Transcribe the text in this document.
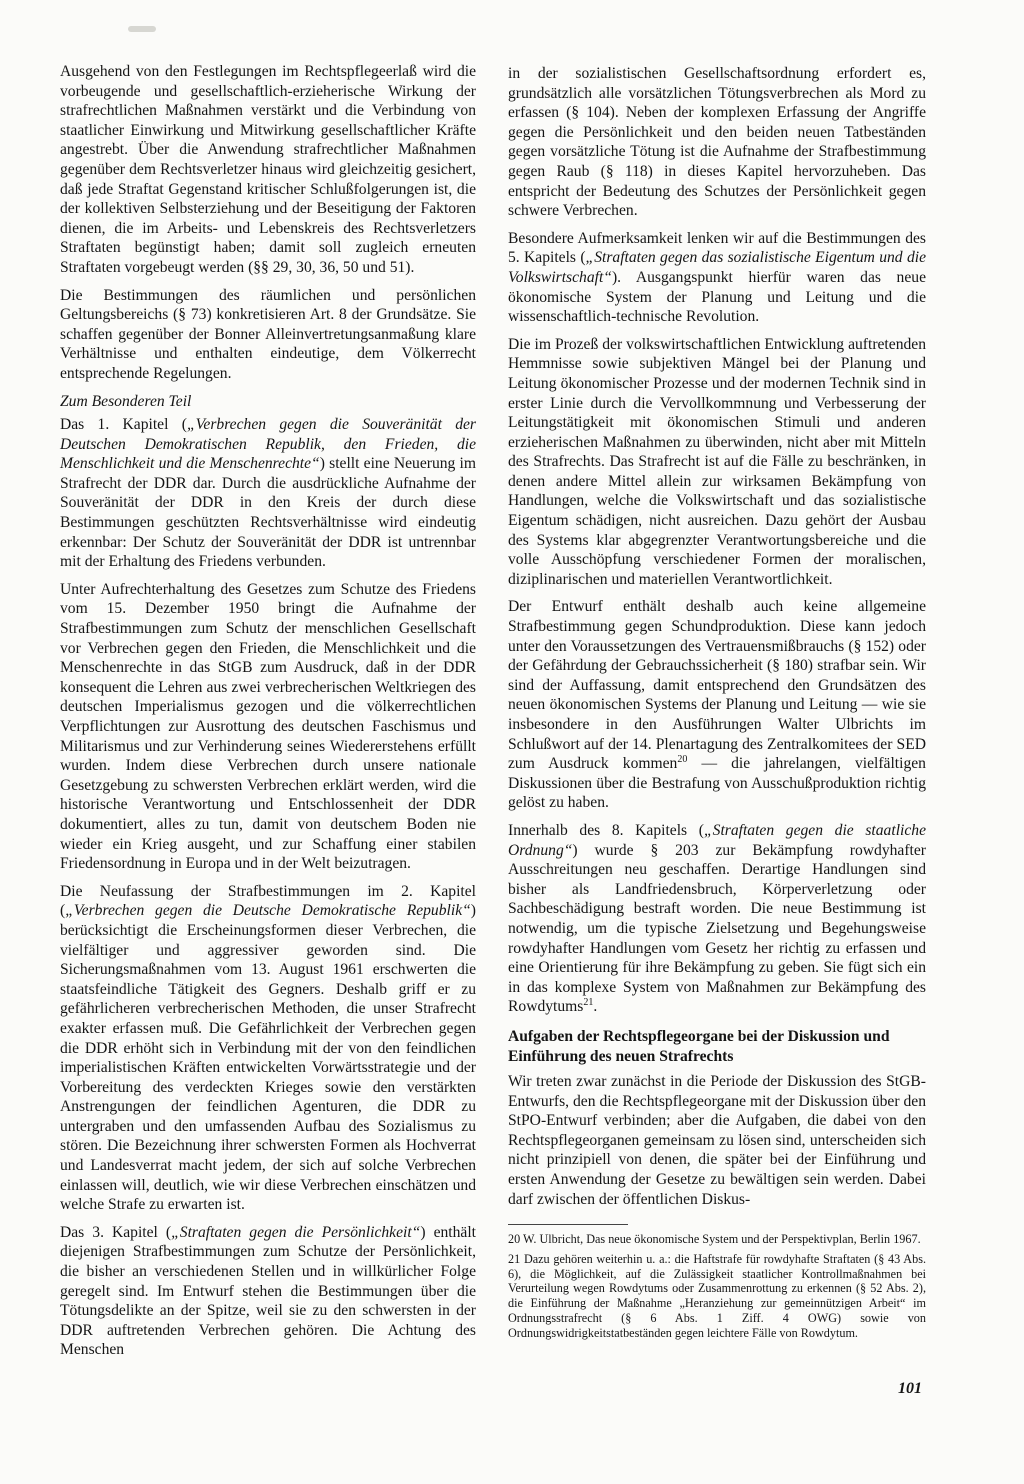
Ausgehend von den Festlegungen im Rechtspflegeerlaß wird die vorbeugende und gesellschaftlich-erzieherische Wirkung der strafrechtlichen Maßnahmen verstärkt und die Verbindung von staatlicher Einwirkung und Mitwirkung gesellschaftlicher Kräfte angestrebt. Über die Anwendung strafrechtlicher Maßnahmen gegenüber dem Rechtsverletzer hinaus wird gleichzeitig gesichert, daß jede Straftat Gegenstand kritischer Schlußfolgerungen ist, die der kollektiven Selbsterziehung und der Beseitigung der Faktoren dienen, die im Arbeits- und Lebenskreis des Rechtsverletzers Straftaten begünstigt haben; damit soll zugleich erneuten Straftaten vorgebeugt werden (§§ 29, 30, 36, 50 und 51).

Die Bestimmungen des räumlichen und persönlichen Geltungsbereichs (§ 73) konkretisieren Art. 8 der Grundsätze. Sie schaffen gegenüber der Bonner Alleinvertretungsanmaßung klare Verhältnisse und enthalten eindeutige, dem Völkerrecht entsprechende Regelungen.

Zum Besonderen Teil

Das 1. Kapitel („Verbrechen gegen die Souveränität der Deutschen Demokratischen Republik, den Frieden, die Menschlichkeit und die Menschenrechte“) stellt eine Neuerung im Strafrecht der DDR dar. Durch die ausdrückliche Aufnahme der Souveränität der DDR in den Kreis der durch diese Bestimmungen geschützten Rechtsverhältnisse wird eindeutig erkennbar: Der Schutz der Souveränität der DDR ist untrennbar mit der Erhaltung des Friedens verbunden.

Unter Aufrechterhaltung des Gesetzes zum Schutze des Friedens vom 15. Dezember 1950 bringt die Aufnahme der Strafbestimmungen zum Schutz der menschlichen Gesellschaft vor Verbrechen gegen den Frieden, die Menschlichkeit und die Menschenrechte in das StGB zum Ausdruck, daß in der DDR konsequent die Lehren aus zwei verbrecherischen Weltkriegen des deutschen Imperialismus gezogen und die völkerrechtlichen Verpflichtungen zur Ausrottung des deutschen Faschismus und Militarismus und zur Verhinderung seines Wiedererstehens erfüllt wurden. Indem diese Verbrechen durch unsere nationale Gesetzgebung zu schwersten Verbrechen erklärt werden, wird die historische Verantwortung und Entschlossenheit der DDR dokumentiert, alles zu tun, damit von deutschem Boden nie wieder ein Krieg ausgeht, und zur Schaffung einer stabilen Friedensordnung in Europa und in der Welt beizutragen.

Die Neufassung der Strafbestimmungen im 2. Kapitel („Verbrechen gegen die Deutsche Demokratische Republik“) berücksichtigt die Erscheinungsformen dieser Verbrechen, die vielfältiger und aggressiver geworden sind. Die Sicherungsmaßnahmen vom 13. August 1961 erschwerten die staatsfeindliche Tätigkeit des Gegners. Deshalb griff er zu gefährlicheren verbrecherischen Methoden, die unser Strafrecht exakter erfassen muß. Die Gefährlichkeit der Verbrechen gegen die DDR erhöht sich in Verbindung mit der von den feindlichen imperialistischen Kräften entwickelten Vorwärtsstrategie und der Vorbereitung des verdeckten Krieges sowie den verstärkten Anstrengungen der feindlichen Agenturen, die DDR zu untergraben und den umfassenden Aufbau des Sozialismus zu stören. Die Bezeichnung ihrer schwersten Formen als Hochverrat und Landesverrat macht jedem, der sich auf solche Verbrechen einlassen will, deutlich, wie wir diese Verbrechen einschätzen und welche Strafe zu erwarten ist.

Das 3. Kapitel („Straftaten gegen die Persönlichkeit“) enthält diejenigen Strafbestimmungen zum Schutze der Persönlichkeit, die bisher an verschiedenen Stellen und in willkürlicher Folge geregelt sind. Im Entwurf stehen die Bestimmungen über die Tötungsdelikte an der Spitze, weil sie zu den schwersten in der DDR auftretenden Verbrechen gehören. Die Achtung des Menschen

in der sozialistischen Gesellschaftsordnung erfordert es, grundsätzlich alle vorsätzlichen Tötungsverbrechen als Mord zu erfassen (§ 104). Neben der komplexen Erfassung der Angriffe gegen die Persönlichkeit und den beiden neuen Tatbeständen gegen vorsätzliche Tötung ist die Aufnahme der Strafbestimmung gegen Raub (§ 118) in dieses Kapitel hervorzuheben. Das entspricht der Bedeutung des Schutzes der Persönlichkeit gegen schwere Verbrechen.

Besondere Aufmerksamkeit lenken wir auf die Bestimmungen des 5. Kapitels („Straftaten gegen das sozialistische Eigentum und die Volkswirtschaft“). Ausgangspunkt hierfür waren das neue ökonomische System der Planung und Leitung und die wissenschaftlich-technische Revolution.

Die im Prozeß der volkswirtschaftlichen Entwicklung auftretenden Hemmnisse sowie subjektiven Mängel bei der Planung und Leitung ökonomischer Prozesse und der modernen Technik sind in erster Linie durch die Vervollkommnung und Verbesserung der Leitungstätigkeit mit ökonomischen Stimuli und anderen erzieherischen Maßnahmen zu überwinden, nicht aber mit Mitteln des Strafrechts. Das Strafrecht ist auf die Fälle zu beschränken, in denen andere Mittel allein zur wirksamen Bekämpfung von Handlungen, welche die Volkswirtschaft und das sozialistische Eigentum schädigen, nicht ausreichen. Dazu gehört der Ausbau des Systems klar abgegrenzter Verantwortungsbereiche und die volle Ausschöpfung verschiedener Formen der moralischen, diziplinarischen und materiellen Verantwortlichkeit.

Der Entwurf enthält deshalb auch keine allgemeine Strafbestimmung gegen Schundproduktion. Diese kann jedoch unter den Voraussetzungen des Vertrauensmißbrauchs (§ 152) oder der Gefährdung der Gebrauchssicherheit (§ 180) strafbar sein. Wir sind der Auffassung, damit entsprechend den Grundsätzen des neuen ökonomischen Systems der Planung und Leitung — wie sie insbesondere in den Ausführungen Walter Ulbrichts im Schlußwort auf der 14. Plenartagung des Zentralkomitees der SED zum Ausdruck kommen$^{20}$ — die jahrelangen, vielfältigen Diskussionen über die Bestrafung von Ausschußproduktion richtig gelöst zu haben.

Innerhalb des 8. Kapitels („Straftaten gegen die staatliche Ordnung“) wurde § 203 zur Bekämpfung rowdyhafter Ausschreitungen neu geschaffen. Derartige Handlungen sind bisher als Landfriedensbruch, Körperverletzung oder Sachbeschädigung bestraft worden. Die neue Bestimmung ist notwendig, um die typische Zielsetzung und Begehungsweise rowdyhafter Handlungen vom Gesetz her richtig zu erfassen und eine Orientierung für ihre Bekämpfung zu geben. Sie fügt sich ein in das komplexe System von Maßnahmen zur Bekämpfung des Rowdytums$^{21}$.

Aufgaben der Rechtspflegeorgane bei der Diskussion und Einführung des neuen Strafrechts

Wir treten zwar zunächst in die Periode der Diskussion des StGB-Entwurfs, den die Rechtspflegeorgane mit der Diskussion über den StPO-Entwurf verbinden; aber die Aufgaben, die dabei von den Rechtspflegeorganen gemeinsam zu lösen sind, unterscheiden sich nicht prinzipiell von denen, die später bei der Einführung und ersten Anwendung der Gesetze zu bewältigen sein werden. Dabei darf zwischen der öffentlichen Diskus-

20 W. Ulbricht, Das neue ökonomische System und der Perspektivplan, Berlin 1967.

21 Dazu gehören weiterhin u. a.: die Haftstrafe für rowdyhafte Straftaten (§ 43 Abs. 6), die Möglichkeit, auf die Zulässigkeit staatlicher Kontrollmaßnahmen bei Verurteilung wegen Rowdytums oder Zusammenrottung zu erkennen (§ 52 Abs. 2), die Einführung der Maßnahme „Heranziehung zur gemeinnützigen Arbeit“ im Ordnungsstrafrecht (§ 6 Abs. 1 Ziff. 4 OWG) sowie von Ordnungswidrigkeitstatbeständen gegen leichtere Fälle von Rowdytum.

101
